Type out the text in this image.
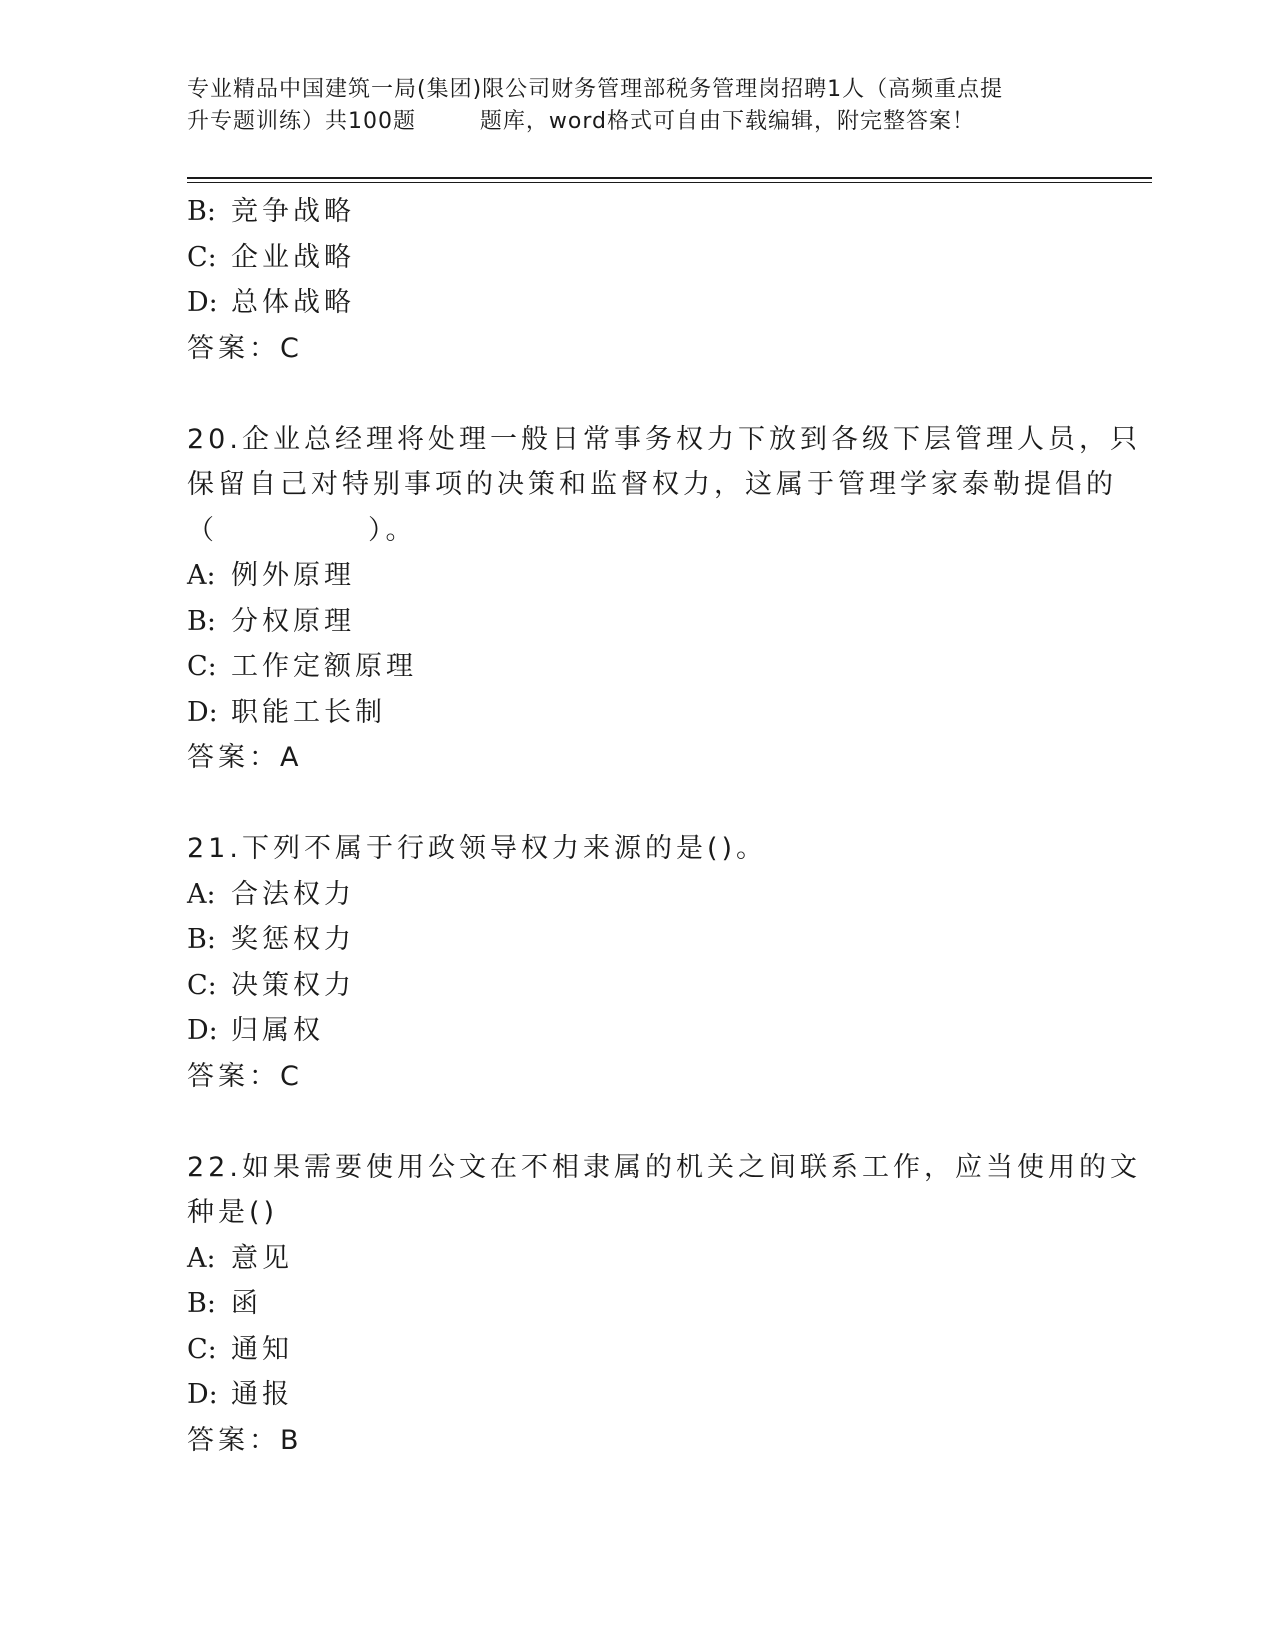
专业精品中国建筑一局(集团)限公司财务管理部税务管理岗招聘1人（高频重点提
升专题训练）共100题        题库，word格式可自由下载编辑，附完整答案！
B: 竞争战略
C: 企业战略
D: 总体战略
答案：C
20.企业总经理将处理一般日常事务权力下放到各级下层管理人员，只
保留自己对特别事项的决策和监督权力，这属于管理学家泰勒提倡的
（	）。
A: 例外原理
B: 分权原理
C: 工作定额原理
D: 职能工长制
答案：A
21.下列不属于行政领导权力来源的是()。
A: 合法权力
B: 奖惩权力
C: 决策权力
D: 归属权
答案：C
22.如果需要使用公文在不相隶属的机关之间联系工作，应当使用的文
种是()
A: 意见
B: 函
C: 通知
D: 通报
答案：B
